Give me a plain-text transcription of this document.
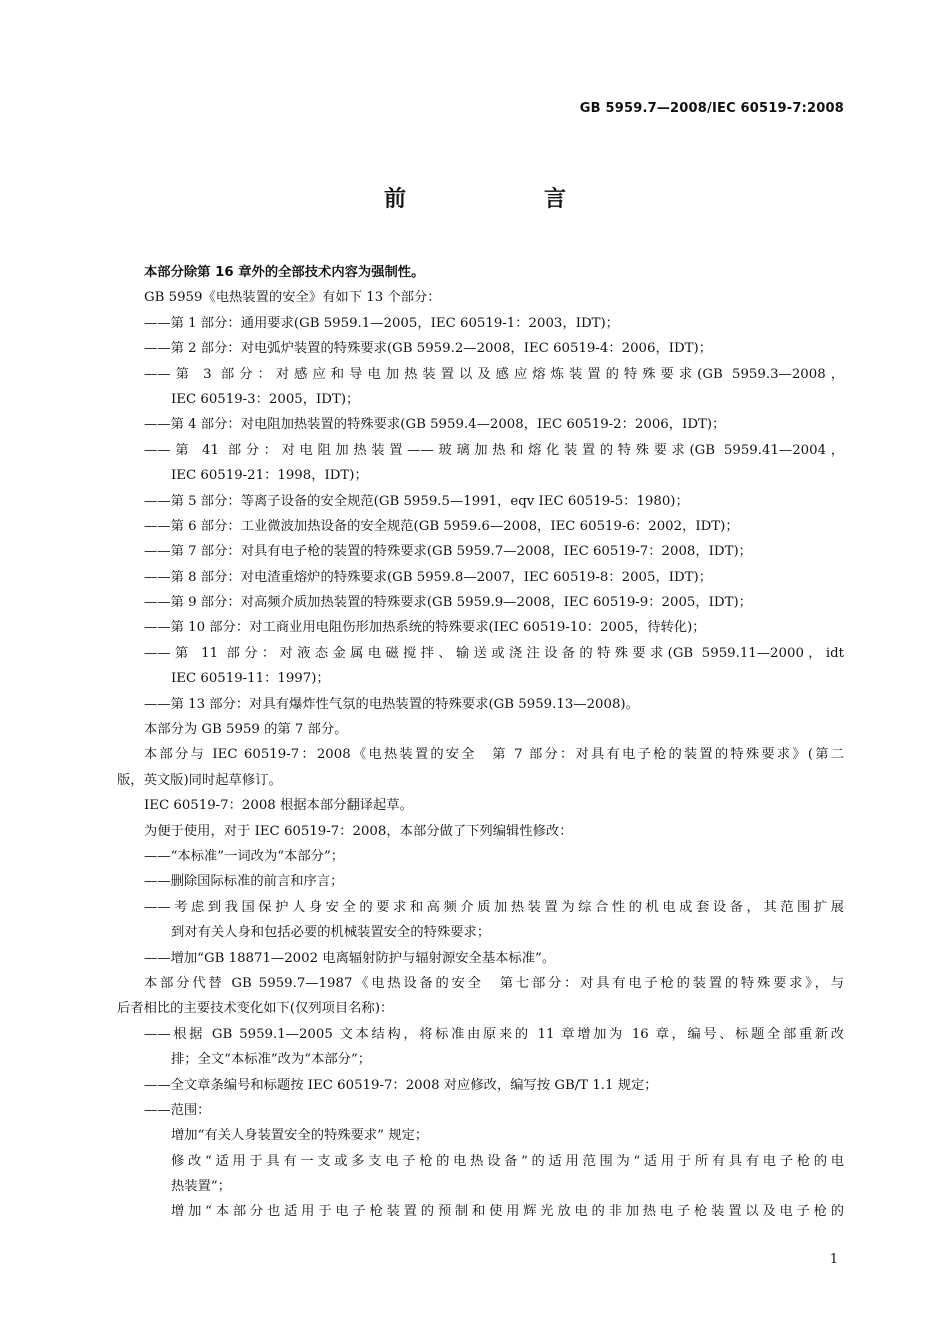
GB 5959.7—2008/IEC 60519-7:2008
前　言
本部分除第 16 章外的全部技术内容为强制性。
GB 5959《电热装置的安全》有如下 13 个部分：
——第 1 部分：通用要求(GB 5959.1—2005，IEC 60519-1：2003，IDT)；
——第 2 部分：对电弧炉装置的特殊要求(GB 5959.2—2008，IEC 60519-4：2006，IDT)；
——第 3 部分：对感应和导电加热装置以及感应熔炼装置的特殊要求(GB 5959.3—2008，
IEC 60519-3：2005，IDT)；
——第 4 部分：对电阻加热装置的特殊要求(GB 5959.4—2008，IEC 60519-2：2006，IDT)；
——第 41 部分：对电阻加热装置——玻璃加热和熔化装置的特殊要求(GB 5959.41—2004，
IEC 60519-21：1998，IDT)；
——第 5 部分：等离子设备的安全规范(GB 5959.5—1991，eqv IEC 60519-5：1980)；
——第 6 部分：工业微波加热设备的安全规范(GB 5959.6—2008，IEC 60519-6：2002，IDT)；
——第 7 部分：对具有电子枪的装置的特殊要求(GB 5959.7—2008，IEC 60519-7：2008，IDT)；
——第 8 部分：对电渣重熔炉的特殊要求(GB 5959.8—2007，IEC 60519-8：2005，IDT)；
——第 9 部分：对高频介质加热装置的特殊要求(GB 5959.9—2008，IEC 60519-9：2005，IDT)；
——第 10 部分：对工商业用电阻伤形加热系统的特殊要求(IEC 60519-10：2005，待转化)；
——第 11 部分：对液态金属电磁搅拌、输送或浇注设备的特殊要求(GB 5959.11—2000，idt
IEC 60519-11：1997)；
——第 13 部分：对具有爆炸性气氛的电热装置的特殊要求(GB 5959.13—2008)。
本部分为 GB 5959 的第 7 部分。
本部分与 IEC 60519-7：2008《电热装置的安全　第 7 部分：对具有电子枪的装置的特殊要求》(第二
版，英文版)同时起草修订。
IEC 60519-7：2008 根据本部分翻译起草。
为便于使用，对于 IEC 60519-7：2008，本部分做了下列编辑性修改：
——“本标准”一词改为“本部分”；
——删除国际标准的前言和序言；
——考虑到我国保护人身安全的要求和高频介质加热装置为综合性的机电成套设备，其范围扩展
到对有关人身和包括必要的机械装置安全的特殊要求；
——增加“GB 18871—2002 电离辐射防护与辐射源安全基本标准”。
本部分代替 GB 5959.7—1987《电热设备的安全　第七部分：对具有电子枪的装置的特殊要求》，与
后者相比的主要技术变化如下(仅列项目名称)：
——根据 GB 5959.1—2005 文本结构，将标准由原来的 11 章增加为 16 章，编号、标题全部重新改
排；全文“本标准”改为“本部分”；
——全文章条编号和标题按 IEC 60519-7：2008 对应修改，编写按 GB/T 1.1 规定；
——范围：
增加“有关人身装置安全的特殊要求” 规定；
修改“适用于具有一支或多支电子枪的电热设备”的适用范围为“适用于所有具有电子枪的电
热装置”；
增加“本部分也适用于电子枪装置的预制和使用辉光放电的非加热电子枪装置以及电子枪的
1
